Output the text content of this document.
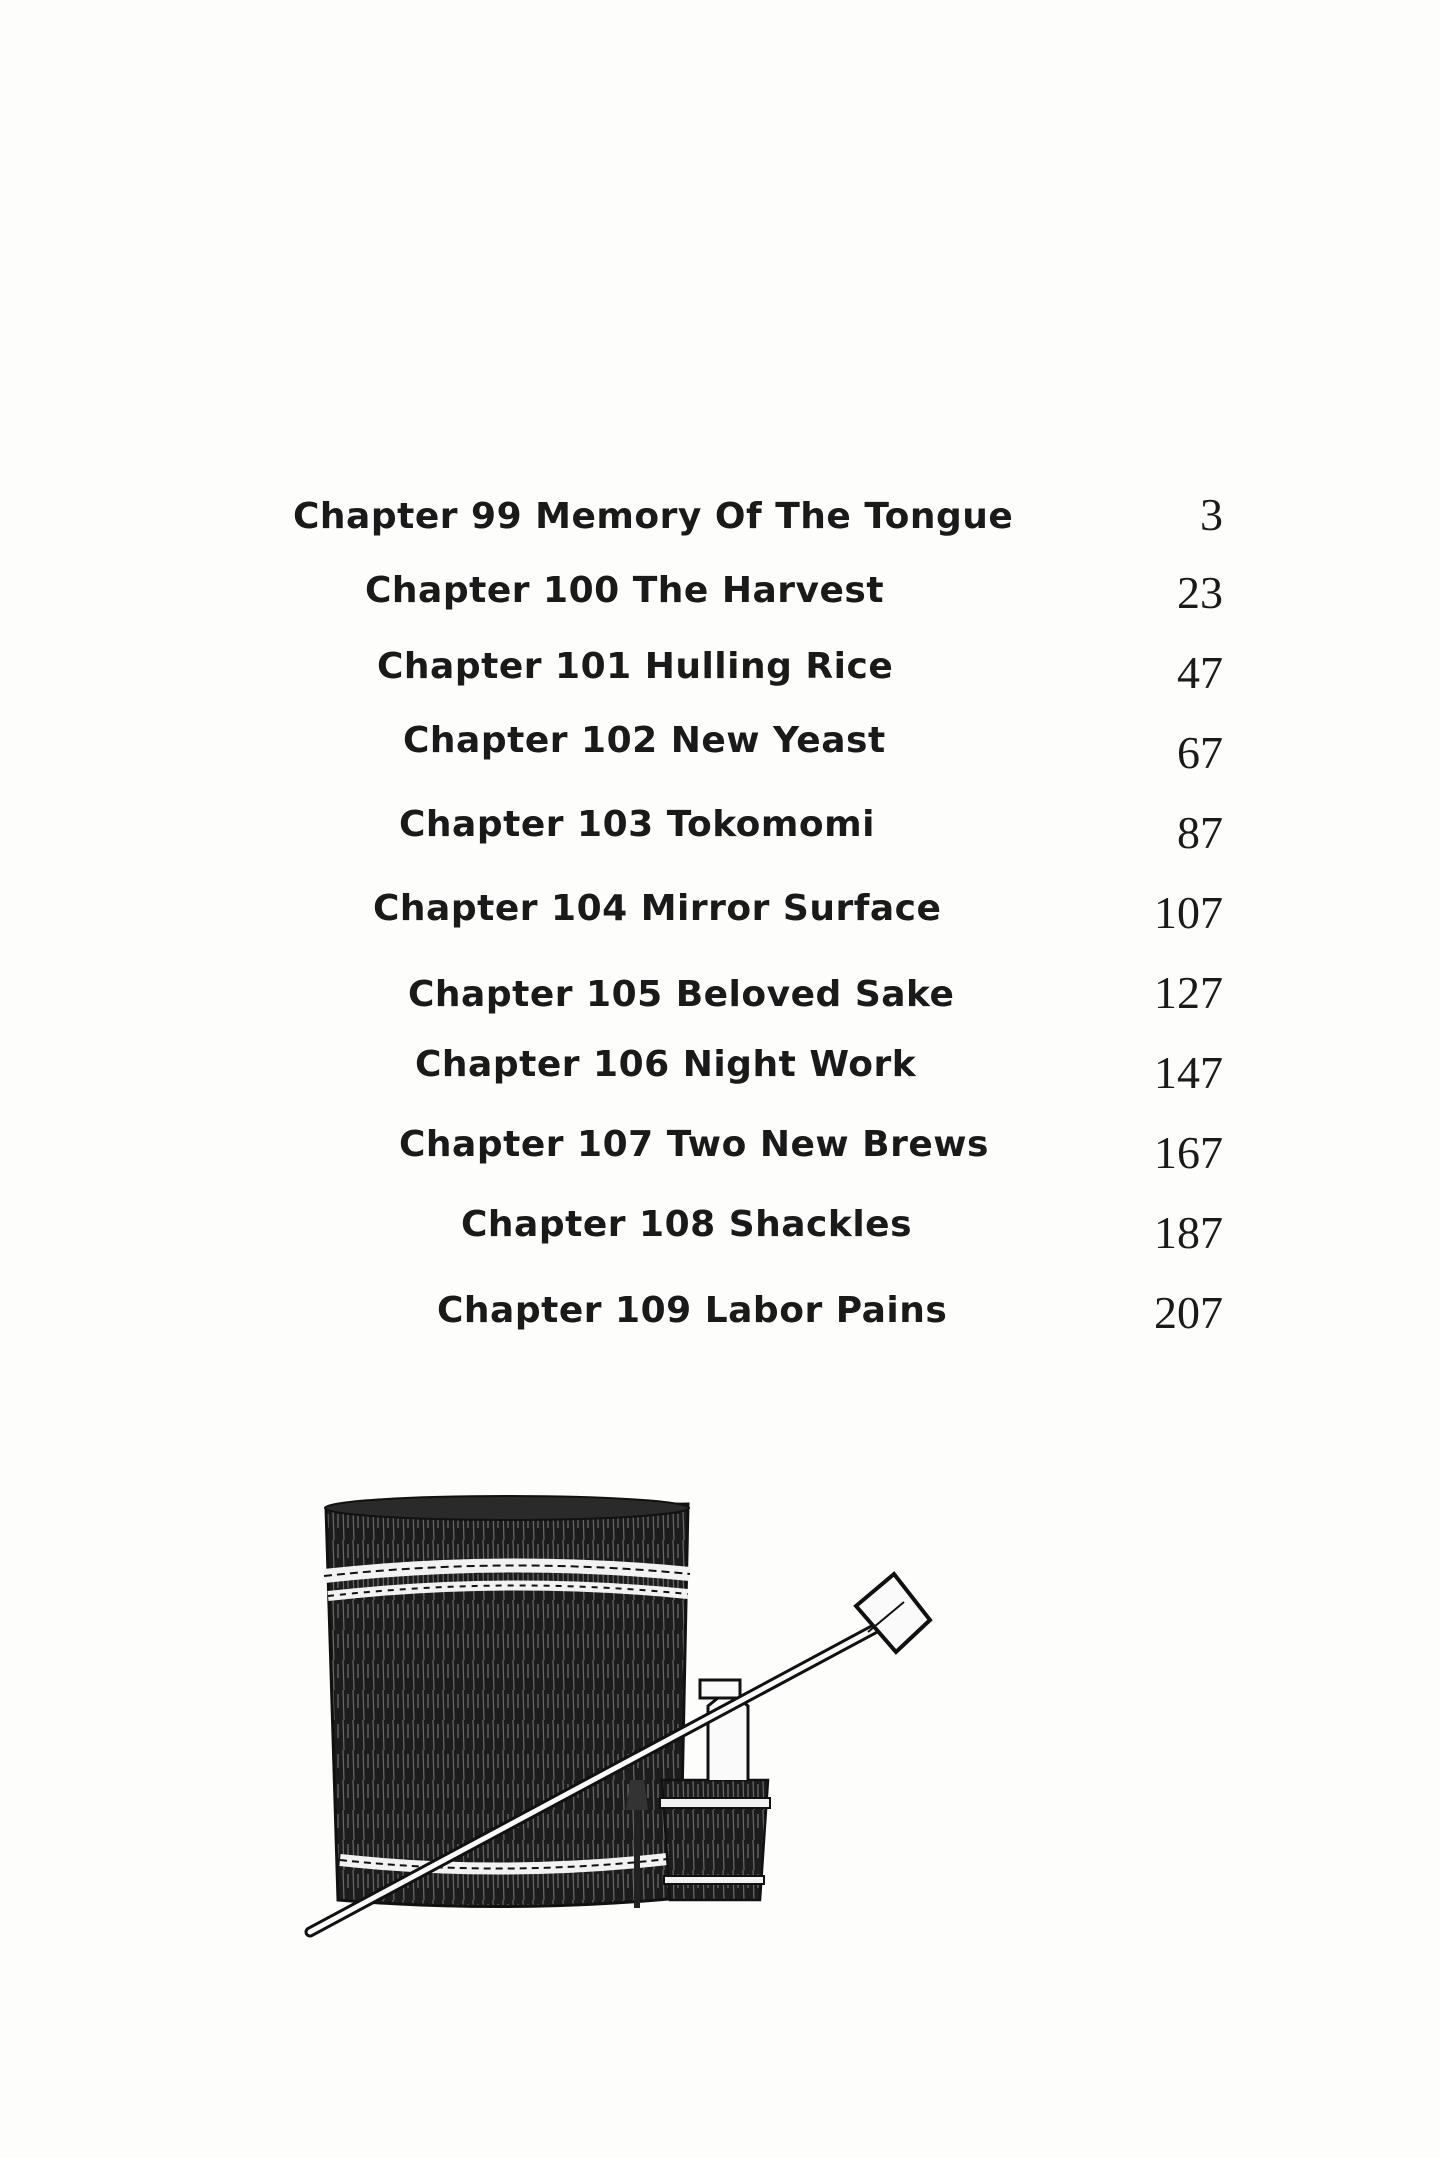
Chapter 99 Memory Of The Tongue	3
Chapter 100 The Harvest	23
Chapter 101 Hulling Rice	47
Chapter 102 New Yeast	67
Chapter 103 Tokomomi	87
Chapter 104 Mirror Surface	107
Chapter 105 Beloved Sake	127
Chapter 106 Night Work	147
Chapter 107 Two New Brews	167
Chapter 108 Shackles	187
Chapter 109 Labor Pains	207
